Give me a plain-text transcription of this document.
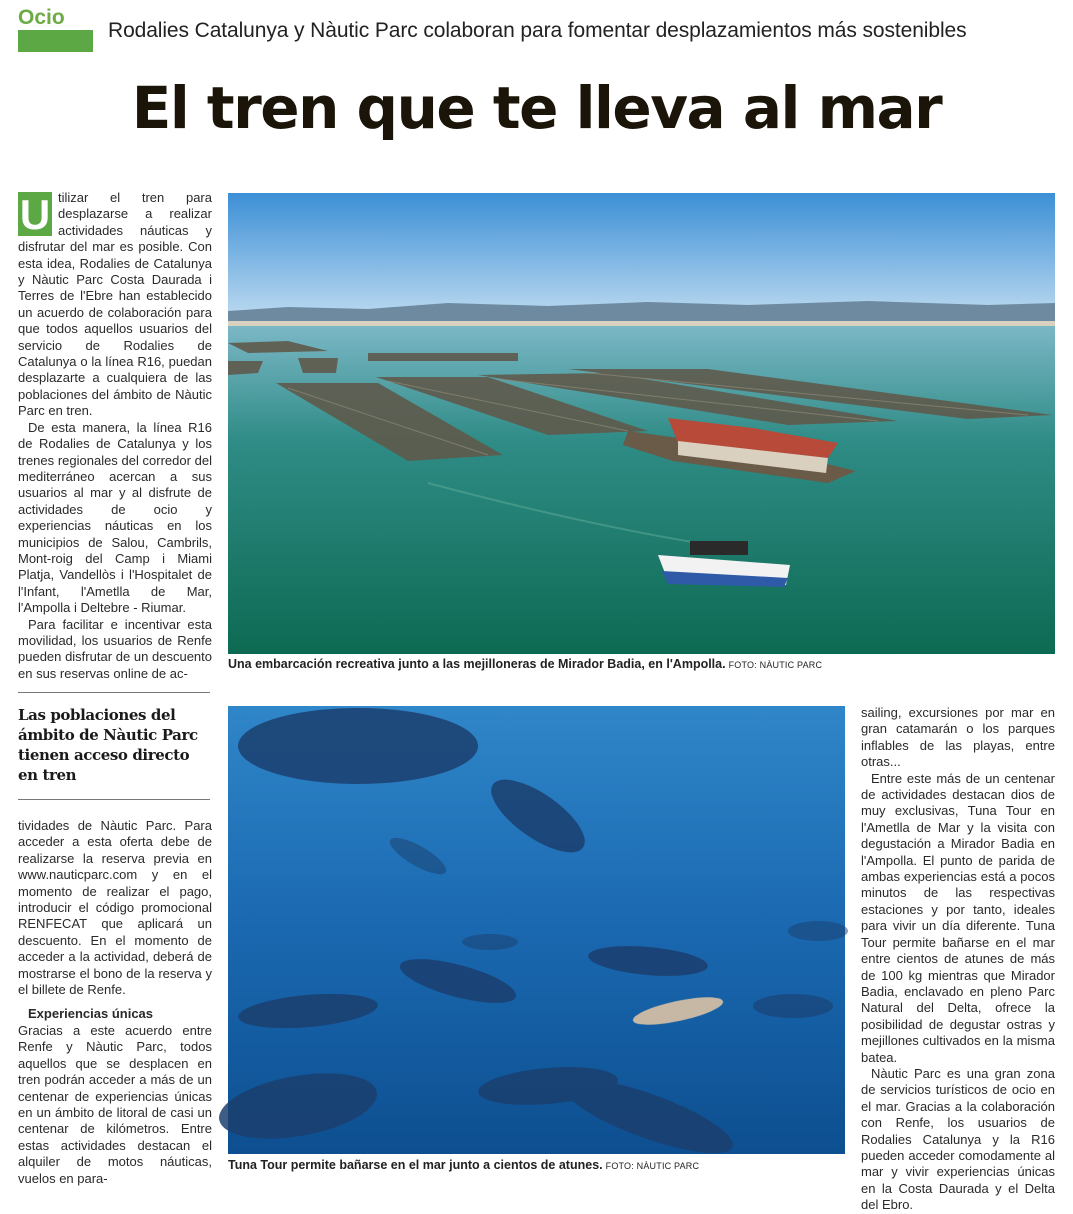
Ocio
Rodalies Catalunya y Nàutic Parc colaboran para fomentar desplazamientos más sostenibles
El tren que te lleva al mar

U tilizar el tren para desplazarse a realizar actividades náuticas y disfrutar del mar es posible. Con esta idea, Rodalies de Catalunya y Nàutic Parc Costa Daurada i Terres de l'Ebre han establecido un acuerdo de colaboración para que todos aquellos usuarios del servicio de Rodalies de Catalunya o la línea R16, puedan desplazarte a cualquiera de las poblaciones del ámbito de Nàutic Parc en tren.

De esta manera, la línea R16 de Rodalies de Catalunya y los trenes regionales del corredor del mediterráneo acercan a sus usuarios al mar y al disfrute de actividades de ocio y experiencias náuticas en los municipios de Salou, Cambrils, Mont-roig del Camp i Miami Platja, Vandellòs i l'Hospitalet de l'Infant, l'Ametlla de Mar, l'Ampolla i Deltebre - Riumar.

Para facilitar e incentivar esta movilidad, los usuarios de Renfe pueden disfrutar de un descuento en sus reservas online de ac-

Una embarcación recreativa junto a las mejilloneras de Mirador Badia, en l'Ampolla. FOTO: NÀUTIC PARC
Las poblaciones del ámbito de Nàutic Parc tienen acceso directo en tren

tividades de Nàutic Parc. Para acceder a esta oferta debe de realizarse la reserva previa en www.nauticparc.com y en el momento de realizar el pago, introducir el código promocional RENFECAT que aplicará un descuento. En el momento de acceder a la actividad, deberá de mostrarse el bono de la reserva y el billete de Renfe.

Experiencias únicas

Gracias a este acuerdo entre Renfe y Nàutic Parc, todos aquellos que se desplacen en tren podrán acceder a más de un centenar de experiencias únicas en un ámbito de litoral de casi un centenar de kilómetros. Entre estas actividades destacan el alquiler de motos náuticas, vuelos en para-

Tuna Tour permite bañarse en el mar junto a cientos de atunes. FOTO: NÀUTIC PARC

sailing, excursiones por mar en gran catamarán o los parques inflables de las playas, entre otras...

Entre este más de un centenar de actividades destacan dios de muy exclusivas, Tuna Tour en l'Ametlla de Mar y la visita con degustación a Mirador Badia en l'Ampolla. El punto de parida de ambas experiencias está a pocos minutos de las respectivas estaciones y por tanto, ideales para vivir un día diferente. Tuna Tour permite bañarse en el mar entre cientos de atunes de más de 100 kg mientras que Mirador Badia, enclavado en pleno Parc Natural del Delta, ofrece la posibilidad de degustar ostras y mejillones cultivados en la misma batea.

Nàutic Parc es una gran zona de servicios turísticos de ocio en el mar. Gracias a la colaboración con Renfe, los usuarios de Rodalies Catalunya y la R16 pueden acceder comodamente al mar y vivir experiencias únicas en la Costa Daurada y el Delta del Ebro.
